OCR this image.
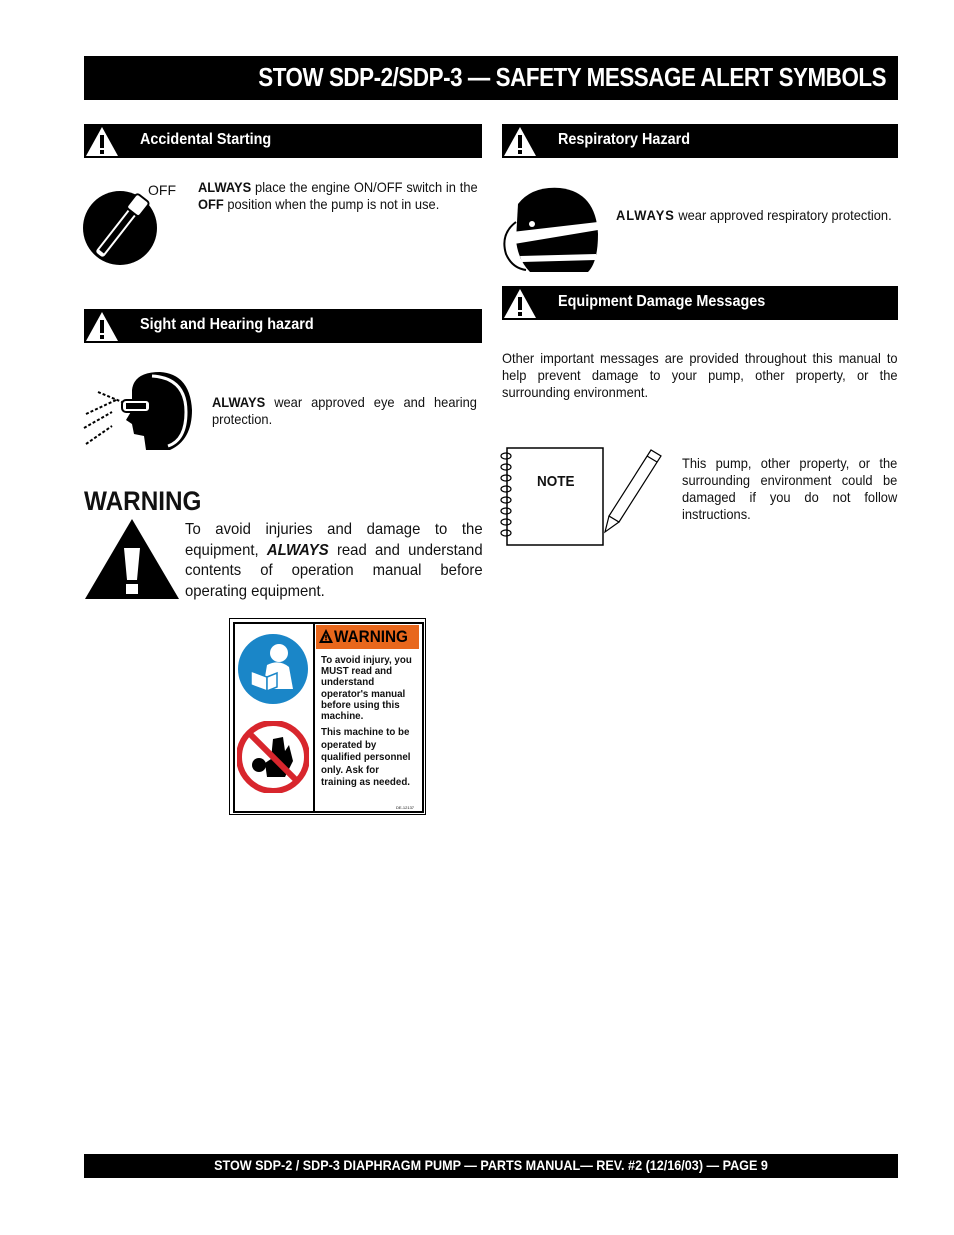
STOW SDP-2/SDP-3 — SAFETY MESSAGE ALERT SYMBOLS
Accidental Starting
OFF ALWAYS place the engine ON/OFF switch in the OFF position when the pump is not in use.
Sight and Hearing hazard
ALWAYS wear approved eye and hearing protection.
WARNING
To avoid injuries and damage to the equipment, ALWAYS read and understand contents of operation manual before operating equipment.
WARNING
To avoid injury, you MUST read and understand operator's manual before using this machine.
This machine to be operated by qualified personnel only. Ask for training as needed.
DE-12137
Respiratory Hazard
ALWAYS wear approved respiratory protection.
Equipment Damage Messages
Other important messages are provided throughout this manual to help prevent damage to your pump, other property, or the surrounding environment.
NOTE
This pump, other property, or the surrounding environment could be damaged if you do not follow instructions.
STOW SDP-2 / SDP-3 DIAPHRAGM PUMP — PARTS MANUAL— REV. #2 (12/16/03) — PAGE 9
